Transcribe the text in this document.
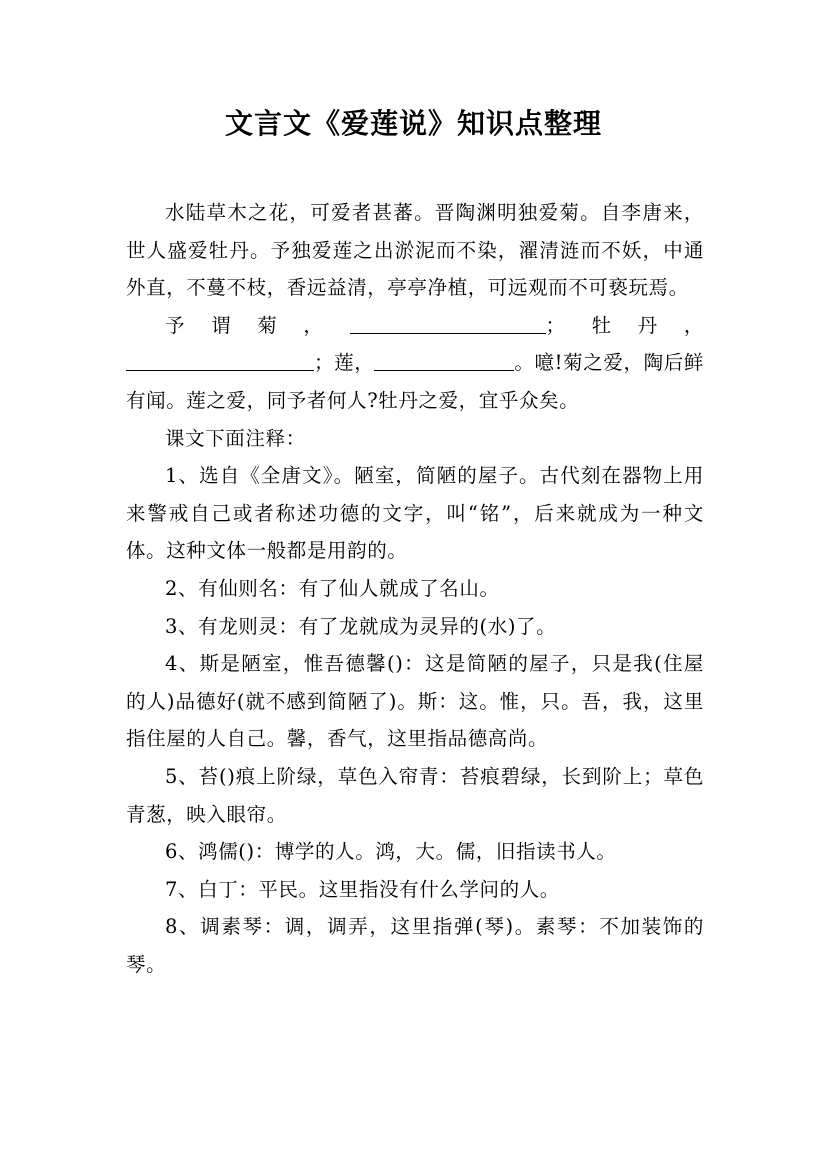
文言文《爱莲说》知识点整理

水陆草木之花，可爱者甚蕃。晋陶渊明独爱菊。自李唐来，世人盛爱牡丹。予独爱莲之出淤泥而不染，濯清涟而不妖，中通外直，不蔓不枝，香远益清，亭亭净植，可远观而不可亵玩焉。

予 谓 菊 ，	； 牡 丹 ，

；莲，	。噫!菊之爱，陶后鲜有闻。莲之爱，同予者何人?牡丹之爱，宜乎众矣。

课文下面注释：

1、选自《全唐文》。陋室，简陋的屋子。古代刻在器物上用来警戒自己或者称述功德的文字，叫“铭”，后来就成为一种文体。这种文体一般都是用韵的。

2、有仙则名：有了仙人就成了名山。

3、有龙则灵：有了龙就成为灵异的(水)了。

4、斯是陋室，惟吾德馨()：这是简陋的屋子，只是我(住屋的人)品德好(就不感到简陋了)。斯：这。惟，只。吾，我，这里指住屋的人自己。馨，香气，这里指品德高尚。

5、苔()痕上阶绿，草色入帘青：苔痕碧绿，长到阶上；草色青葱，映入眼帘。

6、鸿儒()：博学的人。鸿，大。儒，旧指读书人。

7、白丁：平民。这里指没有什么学问的人。

8、调素琴：调，调弄，这里指弹(琴)。素琴：不加装饰的琴。
